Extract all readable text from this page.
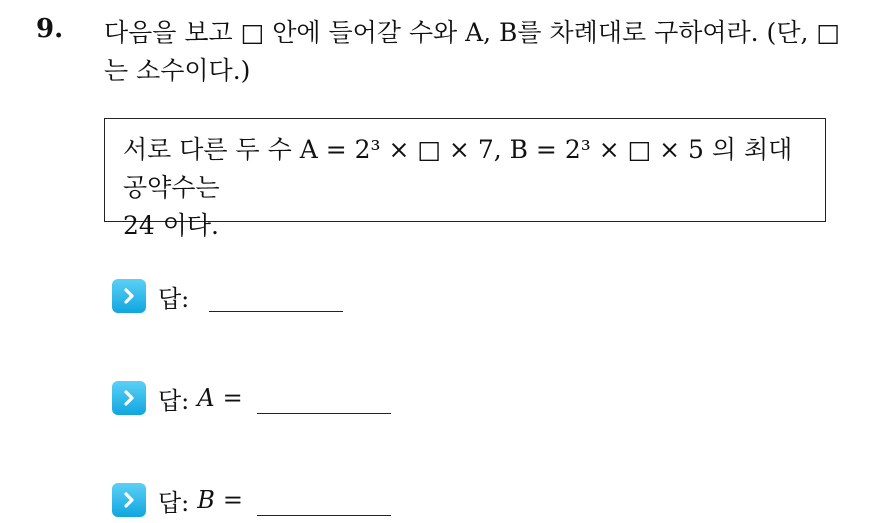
9. 다음을 보고 □ 안에 들어갈 수와 A, B를 차례대로 구하여라. (단, □
는 소수이다.)
서로 다른 두 수 A = 2³ × □ × 7, B = 2³ × □ × 5 의 최대공약수는
24 이다.
답:
답: A =
답: B =
